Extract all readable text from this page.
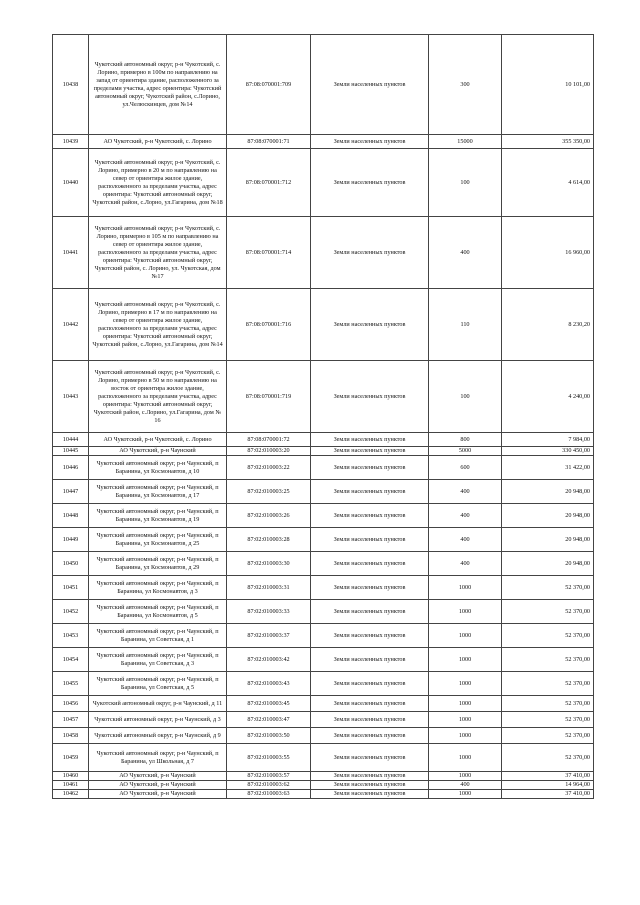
10438	Чукотский автономный округ, р-н Чукотский, с. Лорино, примерно в 100м по направлению на запад от ориентира здание, расположенного за пределами участка, адрес ориентира: Чукотский автономный округ, Чукотский район, с.Лорино, ул.Челюскинцев, дом №14	87:08:070001:709	Земли населенных пунктов	300	10 101,00
10439	АО Чукотский, р-н Чукотский, с. Лорино	87:08:070001:71	Земли населенных пунктов	15000	355 350,00
10440	Чукотский автономный округ, р-н Чукотский, с. Лорино, примерно в 20 м по направлению на север от ориентира жилое здание, расположенного за пределами участка, адрес ориентира: Чукотский автономный округ, Чукотский район, с.Лорно, ул.Гагарина, дом №18	87:08:070001:712	Земли населенных пунктов	100	4 614,00
10441	Чукотский автономный округ, р-н Чукотский, с. Лорино, примерно в 105 м по направлению на север от ориентира жилое здание, расположенного за пределами участка, адрес ориентира: Чукотский автономный округ, Чукотский район, с. Лорино, ул. Чукотская, дом №17	87:08:070001:714	Земли населенных пунктов	400	16 960,00
10442	Чукотский автономный округ, р-н Чукотский, с. Лорино, примерно в 17 м по направлению на север от ориентира жилое здание, расположенного за пределами участка, адрес ориентира: Чукотский автономный округ, Чукотский район, с.Лорно, ул.Гагарина, дом №14	87:08:070001:716	Земли населенных пунктов	110	8 230,20
10443	Чукотский автономный округ, р-н Чукотский, с. Лорино, примерно в 50 м по направлению на восток от ориентира жилое здание, расположенного за пределами участка, адрес ориентира: Чукотский автономный округ, Чукотский район, с.Лорино, ул.Гагарина, дом № 16	87:08:070001:719	Земли населенных пунктов	100	4 240,00
10444	АО Чукотский, р-н Чукотский, с. Лорино	87:08:070001:72	Земли населенных пунктов	800	7 984,00
10445	АО Чукотский, р-н Чаунский	87:02:010003:20	Земли населенных пунктов	5000	330 450,00
10446	Чукотский автономный округ, р-н Чаунский, п Баранина, ул Космонавтов, д 10	87:02:010003:22	Земли населенных пунктов	600	31 422,00
10447	Чукотский автономный округ, р-н Чаунский, п Баранина, ул Космонавтов, д 17	87:02:010003:25	Земли населенных пунктов	400	20 948,00
10448	Чукотский автономный округ, р-н Чаунский, п Баранина, ул Космонавтов, д 19	87:02:010003:26	Земли населенных пунктов	400	20 948,00
10449	Чукотский автономный округ, р-н Чаунский, п Баранина, ул Космонавтов, д 25	87:02:010003:28	Земли населенных пунктов	400	20 948,00
10450	Чукотский автономный округ, р-н Чаунский, п Баранина, ул Космонавтов, д 29	87:02:010003:30	Земли населенных пунктов	400	20 948,00
10451	Чукотский автономный округ, р-н Чаунский, п Баранина, ул Космонавтов, д 3	87:02:010003:31	Земли населенных пунктов	1000	52 370,00
10452	Чукотский автономный округ, р-н Чаунский, п Баранина, ул Космонавтов, д 5	87:02:010003:33	Земли населенных пунктов	1000	52 370,00
10453	Чукотский автономный округ, р-н Чаунский, п Баранина, ул Советская, д 1	87:02:010003:37	Земли населенных пунктов	1000	52 370,00
10454	Чукотский автономный округ, р-н Чаунский, п Баранина, ул Советская, д 3	87:02:010003:42	Земли населенных пунктов	1000	52 370,00
10455	Чукотский автономный округ, р-н Чаунский, п Баранина, ул Советская, д 5	87:02:010003:43	Земли населенных пунктов	1000	52 370,00
10456	Чукотский автономный округ, р-н Чаунский, д 11	87:02:010003:45	Земли населенных пунктов	1000	52 370,00
10457	Чукотский автономный округ, р-н Чаунский, д 3	87:02:010003:47	Земли населенных пунктов	1000	52 370,00
10458	Чукотский автономный округ, р-н Чаунский, д 9	87:02:010003:50	Земли населенных пунктов	1000	52 370,00
10459	Чукотский автономный округ, р-н Чаунский, п Баранина, ул Школьная, д 7	87:02:010003:55	Земли населенных пунктов	1000	52 370,00
10460	АО Чукотский, р-н Чаунский	87:02:010003:57	Земли населенных пунктов	1000	37 410,00
10461	АО Чукотский, р-н Чаунский	87:02:010003:62	Земли населенных пунктов	400	14 964,00
10462	АО Чукотский, р-н Чаунский	87:02:010003:63	Земли населенных пунктов	1000	37 410,00
